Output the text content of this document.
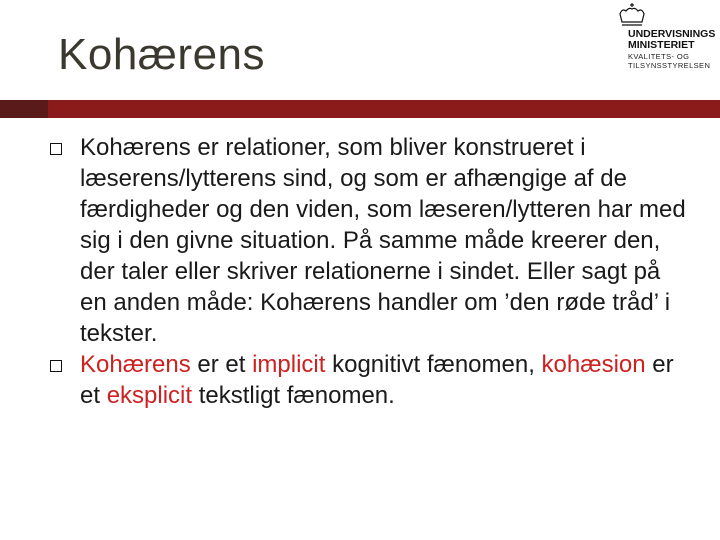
Kohærens	UNDERVISNINGS
MINISTERIET
KVALITETS- OG
TILSYNSSTYRELSEN
Kohærens er relationer, som bliver konstrueret i læserens/lytterens sind, og som er afhængige af de færdigheder og den viden, som læseren/lytteren har med sig i den givne situation. På samme måde kreerer den, der taler eller skriver relationerne i sindet. Eller sagt på en anden måde: Kohærens handler om ’den røde tråd’ i tekster.
Kohærens er et implicit kognitivt fænomen, kohæsion er et eksplicit tekstligt fænomen.
